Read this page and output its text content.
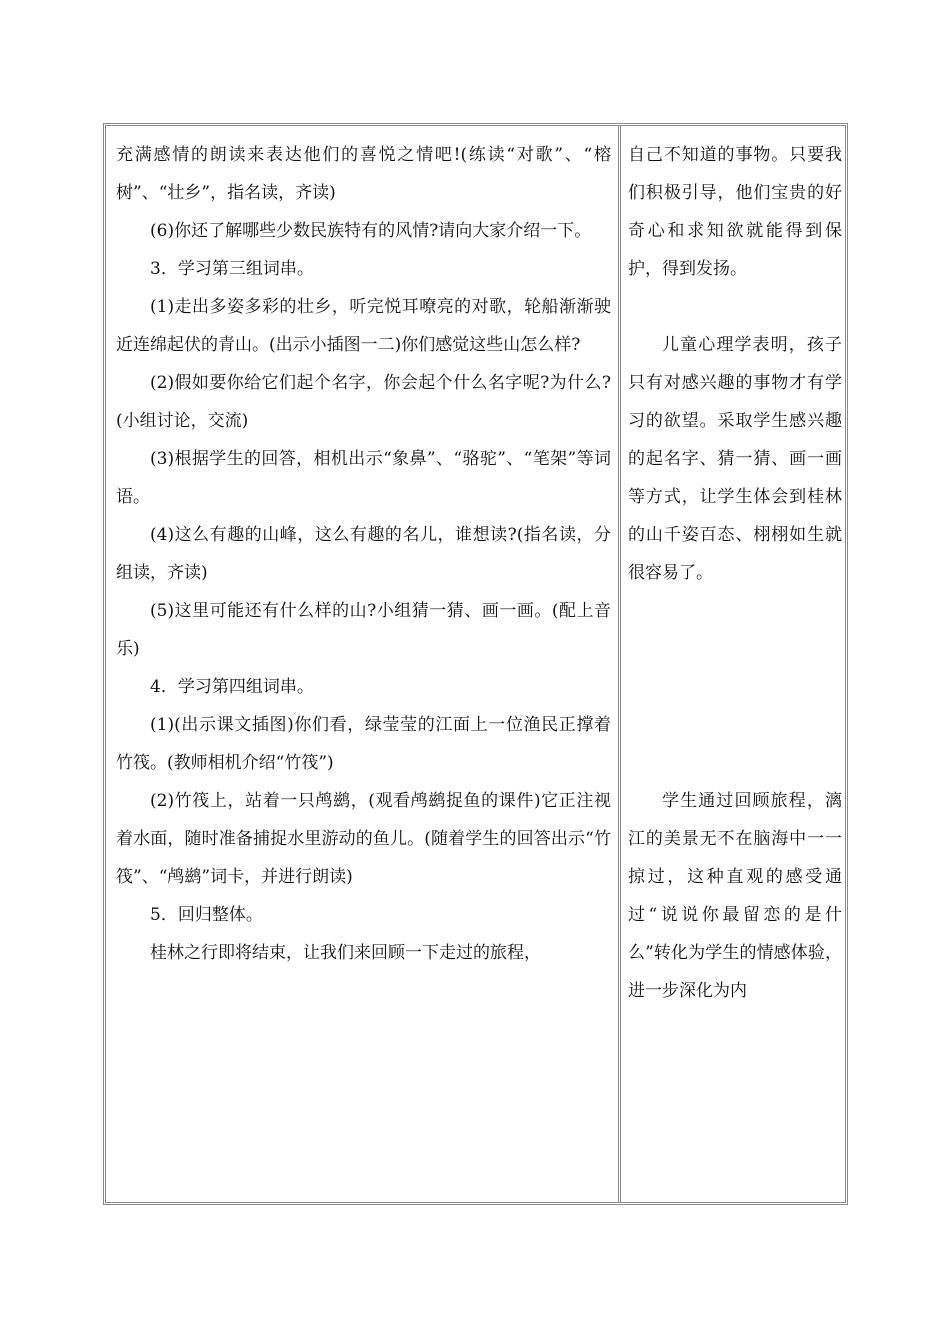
充满感情的朗读来表达他们的喜悦之情吧!(练读“对歌”、“榕树”、“壮乡”，指名读，齐读)

(6)你还了解哪些少数民族特有的风情?请向大家介绍一下。

3．学习第三组词串。

(1)走出多姿多彩的壮乡，听完悦耳嘹亮的对歌，轮船渐渐驶近连绵起伏的青山。(出示小插图一二)你们感觉这些山怎么样?

(2)假如要你给它们起个名字，你会起个什么名字呢?为什么?(小组讨论，交流)

(3)根据学生的回答，相机出示“象鼻”、“骆驼”、“笔架”等词语。

(4)这么有趣的山峰，这么有趣的名儿，谁想读?(指名读，分组读，齐读)

(5)这里可能还有什么样的山?小组猜一猜、画一画。(配上音乐)

4．学习第四组词串。

(1)(出示课文插图)你们看，绿莹莹的江面上一位渔民正撑着竹筏。(教师相机介绍“竹筏”)

(2)竹筏上，站着一只鸬鹚，(观看鸬鹚捉鱼的课件)它正注视着水面，随时准备捕捉水里游动的鱼儿。(随着学生的回答出示“竹筏”、“鸬鹚”词卡，并进行朗读)

5．回归整体。

桂林之行即将结束，让我们来回顾一下走过的旅程，

自己不知道的事物。只要我们积极引导，他们宝贵的好奇心和求知欲就能得到保护，得到发扬。

儿童心理学表明，孩子只有对感兴趣的事物才有学习的欲望。采取学生感兴趣的起名字、猜一猜、画一画等方式，让学生体会到桂林的山千姿百态、栩栩如生就很容易了。

学生通过回顾旅程，漓江的美景无不在脑海中一一掠过，这种直观的感受通过“说说你最留恋的是什么”转化为学生的情感体验，进一步深化为内
